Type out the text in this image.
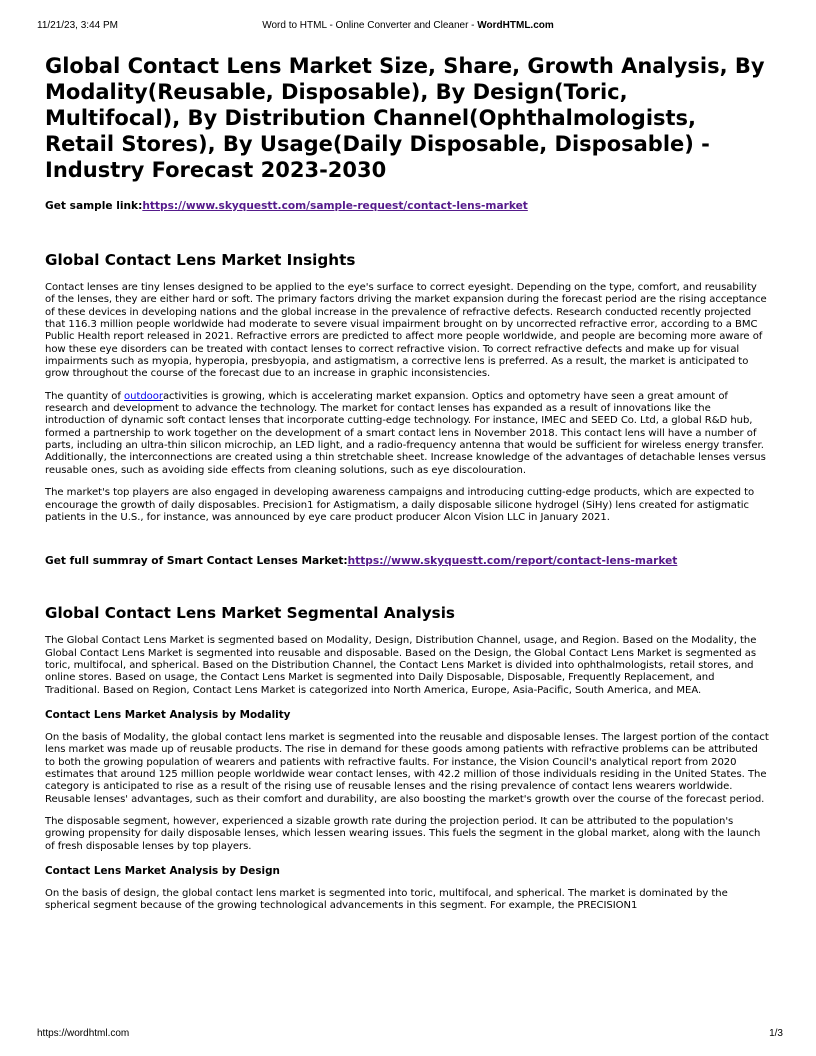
11/21/23, 3:44 PM	Word to HTML - Online Converter and Cleaner - WordHTML.com
Global Contact Lens Market Size, Share, Growth Analysis, By Modality(Reusable, Disposable), By Design(Toric, Multifocal), By Distribution Channel(Ophthalmologists, Retail Stores), By Usage(Daily Disposable, Disposable) - Industry Forecast 2023-2030
Get sample link:https://www.skyquestt.com/sample-request/contact-lens-market
Global Contact Lens Market Insights

Contact lenses are tiny lenses designed to be applied to the eye's surface to correct eyesight. Depending on the type, comfort, and reusability of the lenses, they are either hard or soft. The primary factors driving the market expansion during the forecast period are the rising acceptance of these devices in developing nations and the global increase in the prevalence of refractive defects. Research conducted recently projected that 116.3 million people worldwide had moderate to severe visual impairment brought on by uncorrected refractive error, according to a BMC Public Health report released in 2021. Refractive errors are predicted to affect more people worldwide, and people are becoming more aware of how these eye disorders can be treated with contact lenses to correct refractive vision. To correct refractive defects and make up for visual impairments such as myopia, hyperopia, presbyopia, and astigmatism, a corrective lens is preferred. As a result, the market is anticipated to grow throughout the course of the forecast due to an increase in graphic inconsistencies.

The quantity of outdooractivities is growing, which is accelerating market expansion. Optics and optometry have seen a great amount of research and development to advance the technology. The market for contact lenses has expanded as a result of innovations like the introduction of dynamic soft contact lenses that incorporate cutting-edge technology. For instance, IMEC and SEED Co. Ltd, a global R&D hub, formed a partnership to work together on the development of a smart contact lens in November 2018. This contact lens will have a number of parts, including an ultra-thin silicon microchip, an LED light, and a radio-frequency antenna that would be sufficient for wireless energy transfer. Additionally, the interconnections are created using a thin stretchable sheet. Increase knowledge of the advantages of detachable lenses versus reusable ones, such as avoiding side effects from cleaning solutions, such as eye discolouration.

The market's top players are also engaged in developing awareness campaigns and introducing cutting-edge products, which are expected to encourage the growth of daily disposables. Precision1 for Astigmatism, a daily disposable silicone hydrogel (SiHy) lens created for astigmatic patients in the U.S., for instance, was announced by eye care product producer Alcon Vision LLC in January 2021.

Get full summray of Smart Contact Lenses Market:https://www.skyquestt.com/report/contact-lens-market
Global Contact Lens Market Segmental Analysis

The Global Contact Lens Market is segmented based on Modality, Design, Distribution Channel, usage, and Region. Based on the Modality, the Global Contact Lens Market is segmented into reusable and disposable. Based on the Design, the Global Contact Lens Market is segmented as toric, multifocal, and spherical. Based on the Distribution Channel, the Contact Lens Market is divided into ophthalmologists, retail stores, and online stores. Based on usage, the Contact Lens Market is segmented into Daily Disposable, Disposable, Frequently Replacement, and Traditional. Based on Region, Contact Lens Market is categorized into North America, Europe, Asia-Pacific, South America, and MEA.

Contact Lens Market Analysis by Modality

On the basis of Modality, the global contact lens market is segmented into the reusable and disposable lenses. The largest portion of the contact lens market was made up of reusable products. The rise in demand for these goods among patients with refractive problems can be attributed to both the growing population of wearers and patients with refractive faults. For instance, the Vision Council's analytical report from 2020 estimates that around 125 million people worldwide wear contact lenses, with 42.2 million of those individuals residing in the United States. The category is anticipated to rise as a result of the rising use of reusable lenses and the rising prevalence of contact lens wearers worldwide. Reusable lenses' advantages, such as their comfort and durability, are also boosting the market's growth over the course of the forecast period.

The disposable segment, however, experienced a sizable growth rate during the projection period. It can be attributed to the population's growing propensity for daily disposable lenses, which lessen wearing issues. This fuels the segment in the global market, along with the launch of fresh disposable lenses by top players.

Contact Lens Market Analysis by Design

On the basis of design, the global contact lens market is segmented into toric, multifocal, and spherical. The market is dominated by the spherical segment because of the growing technological advancements in this segment. For example, the PRECISION1

https://wordhtml.com	1/3
